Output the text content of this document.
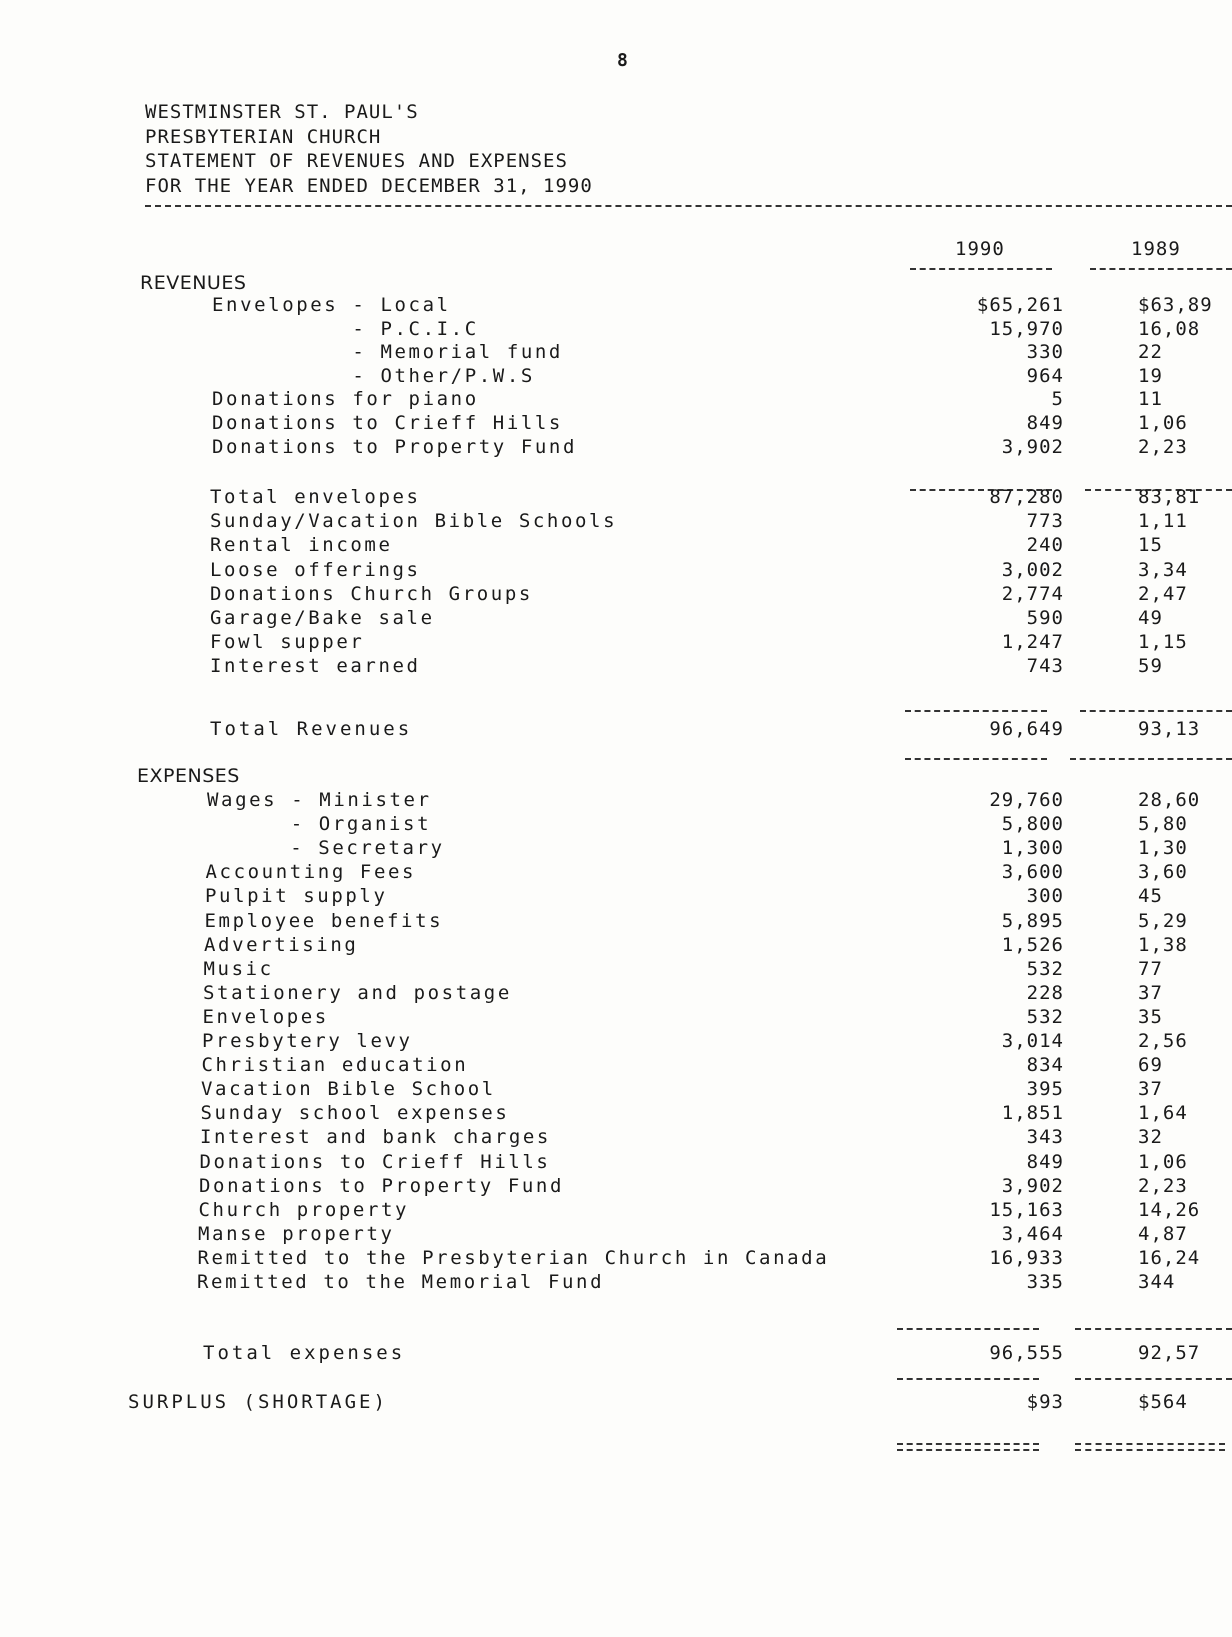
8
WESTMINSTER ST. PAUL'S
PRESBYTERIAN CHURCH
STATEMENT OF REVENUES AND EXPENSES
FOR THE YEAR ENDED DECEMBER 31, 1990
1990	1989
REVENUES
Envelopes - Local	$65,261	$63,89
- P.C.I.C	15,970	16,08
- Memorial fund	330	22
- Other/P.W.S	964	19
Donations for piano	5	11
Donations to Crieff Hills	849	1,06
Donations to Property Fund	3,902	2,23
Total envelopes	87,280	83,81
Sunday/Vacation Bible Schools	773	1,11
Rental income	240	15
Loose offerings	3,002	3,34
Donations Church Groups	2,774	2,47
Garage/Bake sale	590	49
Fowl supper	1,247	1,15
Interest earned	743	59
Total Revenues	96,649	93,13
EXPENSES
Wages - Minister	29,760	28,60
- Organist	5,800	5,80
- Secretary	1,300	1,30
Accounting Fees	3,600	3,60
Pulpit supply	300	45
Employee benefits	5,895	5,29
Advertising	1,526	1,38
Music	532	77
Stationery and postage	228	37
Envelopes	532	35
Presbytery levy	3,014	2,56
Christian education	834	69
Vacation Bible School	395	37
Sunday school expenses	1,851	1,64
Interest and bank charges	343	32
Donations to Crieff Hills	849	1,06
Donations to Property Fund	3,902	2,23
Church property	15,163	14,26
Manse property	3,464	4,87
Remitted to the Presbyterian Church in Canada	16,933	16,24
Remitted to the Memorial Fund	335	344
Total expenses	96,555	92,57
SURPLUS (SHORTAGE)	$93	$564
